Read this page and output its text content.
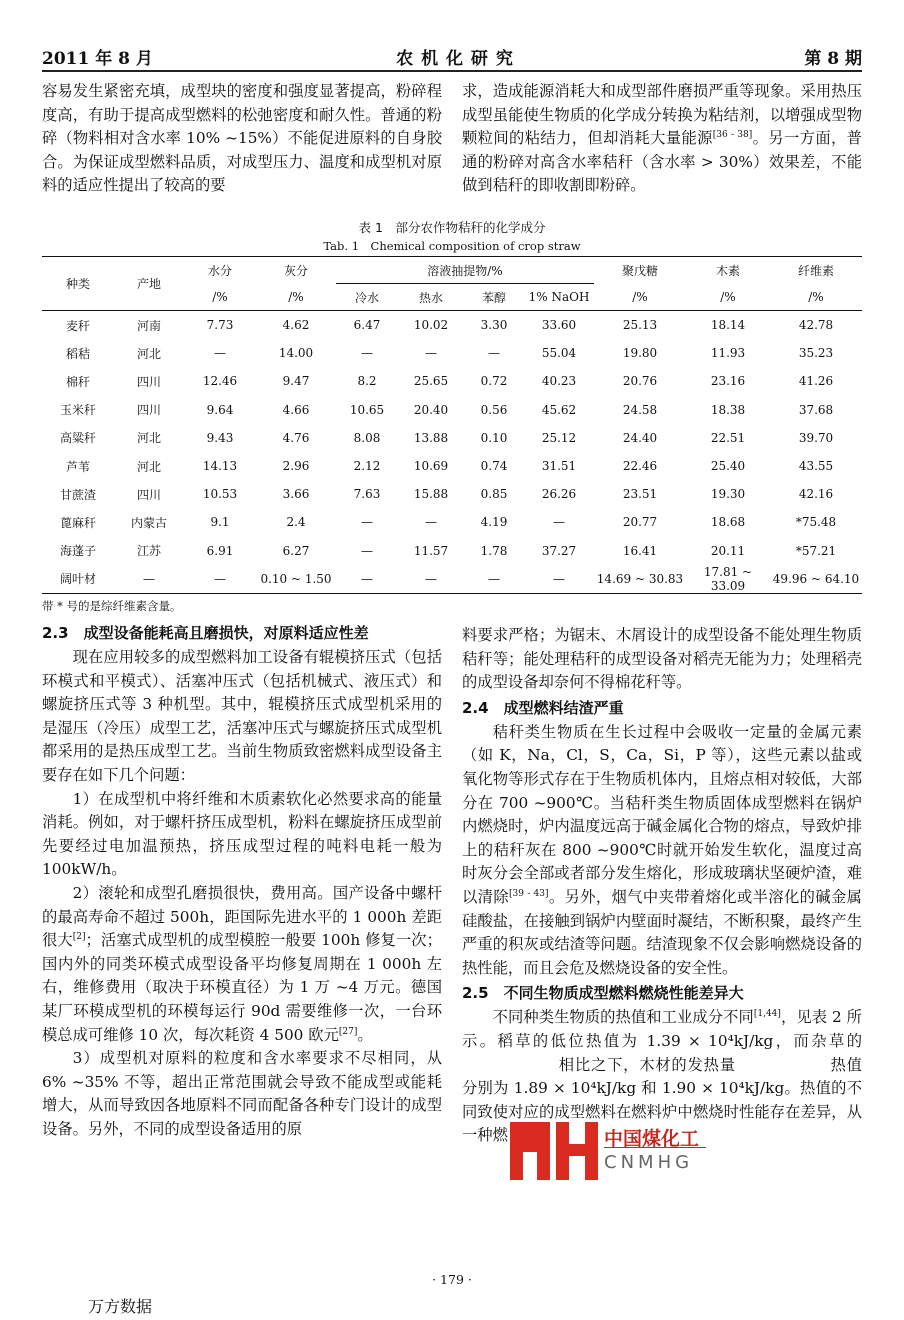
2011 年 8 月	农 机 化 研 究	第 8 期

容易发生紧密充填，成型块的密度和强度显著提高，粉碎程度高，有助于提高成型燃料的松弛密度和耐久性。普通的粉碎（物料相对含水率 10% ~15%）不能促进原料的自身胶合。为保证成型燃料品质，对成型压力、温度和成型机对原料的适应性提出了较高的要

求，造成能源消耗大和成型部件磨损严重等现象。采用热压成型虽能使生物质的化学成分转换为粘结剂，以增强成型物颗粒间的粘结力，但却消耗大量能源[36 - 38]。另一方面，普通的粉碎对高含水率秸秆（含水率 > 30%）效果差，不能做到秸秆的即收割即粉碎。

表 1　部分农作物秸秆的化学成分
Tab. 1　Chemical composition of crop straw
种类	产地	水分	灰分	溶液抽提物/%				聚戊糖	木素	纤维素
		/%	/%	冷水	热水	苯醇	1% NaOH	/%	/%	/%
麦秆	河南	7.73	4.62	6.47	10.02	3.30	33.60	25.13	18.14	42.78
稻秸	河北	—	14.00	—	—	—	55.04	19.80	11.93	35.23
棉秆	四川	12.46	9.47	8.2	25.65	0.72	40.23	20.76	23.16	41.26
玉米秆	四川	9.64	4.66	10.65	20.40	0.56	45.62	24.58	18.38	37.68
高粱秆	河北	9.43	4.76	8.08	13.88	0.10	25.12	24.40	22.51	39.70
芦苇	河北	14.13	2.96	2.12	10.69	0.74	31.51	22.46	25.40	43.55
甘蔗渣	四川	10.53	3.66	7.63	15.88	0.85	26.26	23.51	19.30	42.16
蓖麻秆	内蒙古	9.1	2.4	—	—	4.19	—	20.77	18.68	*75.48
海蓬子	江苏	6.91	6.27	—	11.57	1.78	37.27	16.41	20.11	*57.21
阔叶材	—	—	0.10 ~ 1.50	—	—	—	—	14.69 ~ 30.83	17.81 ~ 33.09	49.96 ~ 64.10
带 * 号的是综纤维素含量。

2.3　成型设备能耗高且磨损快，对原料适应性差

现在应用较多的成型燃料加工设备有辊模挤压式（包括环模式和平模式）、活塞冲压式（包括机械式、液压式）和螺旋挤压式等 3 种机型。其中，辊模挤压式成型机采用的是湿压（冷压）成型工艺，活塞冲压式与螺旋挤压式成型机都采用的是热压成型工艺。当前生物质致密燃料成型设备主要存在如下几个问题：

1）在成型机中将纤维和木质素软化必然要求高的能量消耗。例如，对于螺杆挤压成型机，粉料在螺旋挤压成型前先要经过电加温预热，挤压成型过程的吨料电耗一般为 100kW/h。

2）滚轮和成型孔磨损很快，费用高。国产设备中螺杆的最高寿命不超过 500h，距国际先进水平的 1 000h 差距很大[2]；活塞式成型机的成型模腔一般要 100h 修复一次；国内外的同类环模式成型设备平均修复周期在 1 000h 左右，维修费用（取决于环模直径）为 1 万 ~4 万元。德国某厂环模成型机的环模每运行 90d 需要维修一次，一台环模总成可维修 10 次，每次耗资 4 500 欧元[27]。

3）成型机对原料的粒度和含水率要求不尽相同，从 6% ~35% 不等，超出正常范围就会导致不能成型或能耗增大，从而导致因各地原料不同而配备各种专门设计的成型设备。另外，不同的成型设备适用的原

料要求严格；为锯末、木屑设计的成型设备不能处理生物质秸秆等；能处理秸秆的成型设备对稻壳无能为力；处理稻壳的成型设备却奈何不得棉花秆等。

2.4　成型燃料结渣严重

秸秆类生物质在生长过程中会吸收一定量的金属元素（如 K，Na，Cl，S，Ca，Si，P 等），这些元素以盐或氧化物等形式存在于生物质机体内，且熔点相对较低，大部分在 700 ~900℃。当秸秆类生物质固体成型燃料在锅炉内燃烧时，炉内温度远高于碱金属化合物的熔点，导致炉排上的秸秆灰在 800 ~900℃时就开始发生软化，温度过高时灰分会全部或者部分发生熔化，形成玻璃状坚硬炉渣，难以清除[39 - 43]。另外，烟气中夹带着熔化或半溶化的碱金属硅酸盐，在接触到锅炉内壁面时凝结，不断积聚，最终产生严重的积灰或结渣等问题。结渣现象不仅会影响燃烧设备的热性能，而且会危及燃烧设备的安全性。

2.5　不同生物质成型燃料燃烧性能差异大

不同种类生物质的热值和工业成分不同[1,44]，见表 2 所示。稻草的低位热值为 1.39 × 10⁴kJ/kg，而杂草的相比之下，木材的发热量	热值分别为 1.89 × 10⁴kJ/kg 和 1.90 × 10⁴kJ/kg。热值的不同致使对应的成型燃料在燃料炉中燃烧时性能存在差异，从一种燃	中国煤化工
CNMHG
· 179 ·
万方数据
